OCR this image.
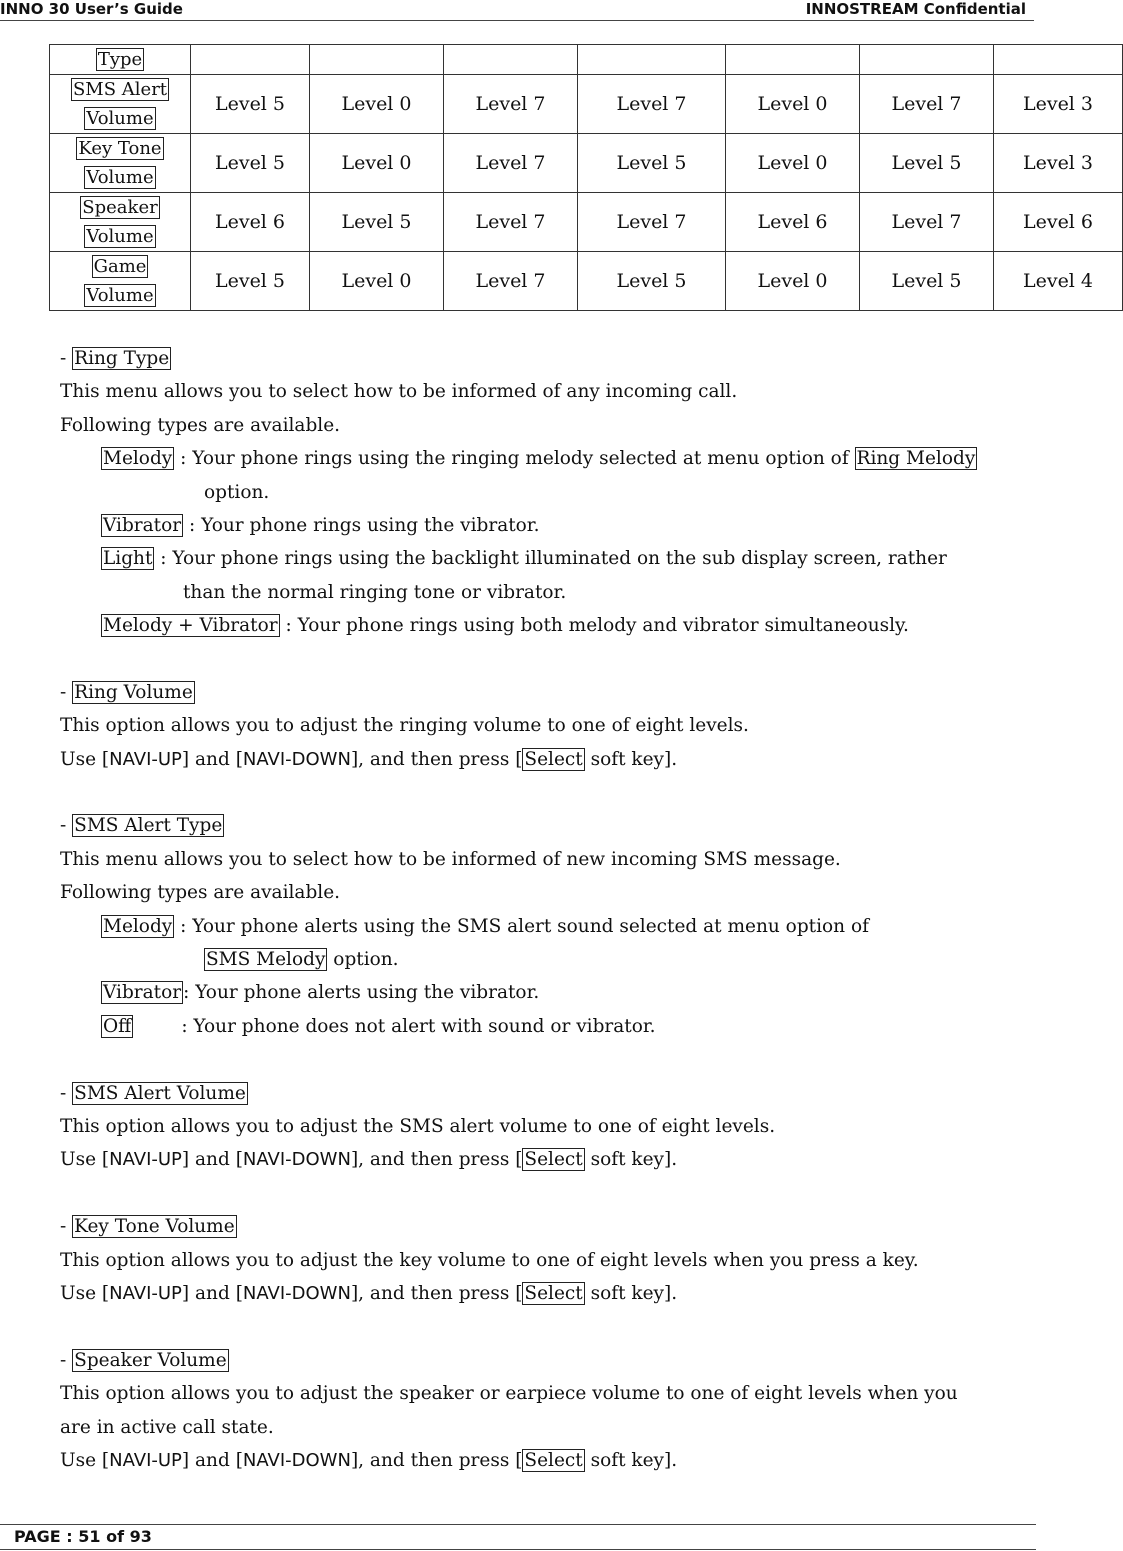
INNO 30 User’s Guide	INNOSTREAM Confidential
Type							
SMS Alert
Volume	Level 5	Level 0	Level 7	Level 7	Level 0	Level 7	Level 3
Key Tone
Volume	Level 5	Level 0	Level 7	Level 5	Level 0	Level 5	Level 3
Speaker
Volume	Level 6	Level 5	Level 7	Level 7	Level 6	Level 7	Level 6
Game
Volume	Level 5	Level 0	Level 7	Level 5	Level 0	Level 5	Level 4
- Ring Type
This menu allows you to select how to be informed of any incoming call.
Following types are available.
Melody : Your phone rings using the ringing melody selected at menu option of Ring Melody
option.
Vibrator : Your phone rings using the vibrator.
Light : Your phone rings using the backlight illuminated on the sub display screen, rather
than the normal ringing tone or vibrator.
Melody + Vibrator : Your phone rings using both melody and vibrator simultaneously.
- Ring Volume
This option allows you to adjust the ringing volume to one of eight levels.
Use [NAVI-UP] and [NAVI-DOWN], and then press [ Select soft key].
- SMS Alert Type
This menu allows you to select how to be informed of new incoming SMS message.
Following types are available.
Melody : Your phone alerts using the SMS alert sound selected at menu option of
SMS Melody option.
Vibrator : Your phone alerts using the vibrator.
Off	: Your phone does not alert with sound or vibrator.
- SMS Alert Volume
This option allows you to adjust the SMS alert volume to one of eight levels.
Use [NAVI-UP] and [NAVI-DOWN], and then press [ Select soft key].
- Key Tone Volume
This option allows you to adjust the key volume to one of eight levels when you press a key.
Use [NAVI-UP] and [NAVI-DOWN], and then press [ Select soft key].
- Speaker Volume
This option allows you to adjust the speaker or earpiece volume to one of eight levels when you
are in active call state.
Use [NAVI-UP] and [NAVI-DOWN], and then press [ Select soft key].
PAGE : 51 of 93
